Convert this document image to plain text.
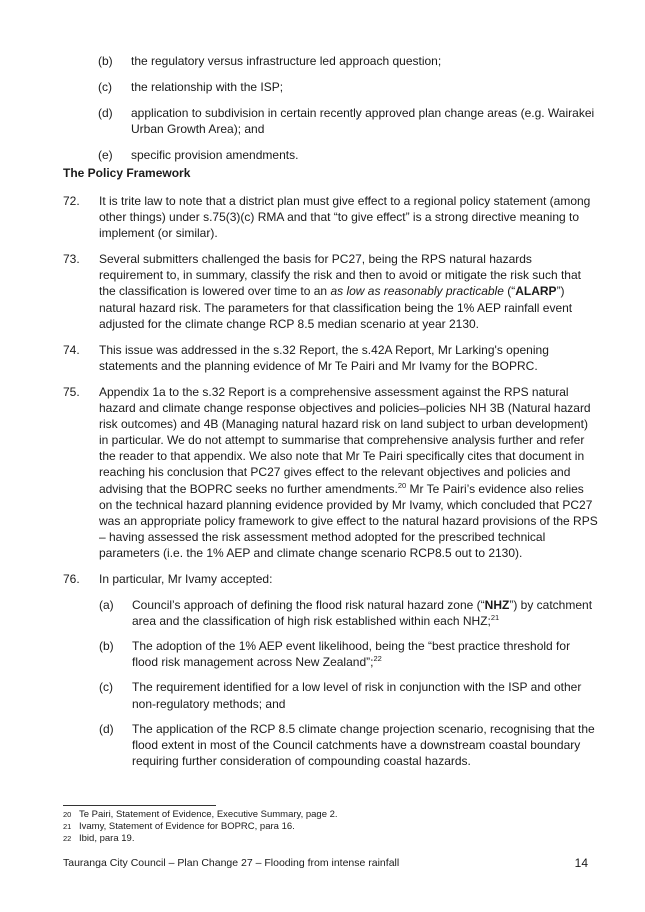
(b)	the regulatory versus infrastructure led approach question;
(c)	the relationship with the ISP;
(d)	application to subdivision in certain recently approved plan change areas (e.g. Wairakei Urban Growth Area); and
(e)	specific provision amendments.
The Policy Framework
72.	It is trite law to note that a district plan must give effect to a regional policy statement (among other things) under s.75(3)(c) RMA and that “to give effect” is a strong directive meaning to implement (or similar).
73.	Several submitters challenged the basis for PC27, being the RPS natural hazards requirement to, in summary, classify the risk and then to avoid or mitigate the risk such that the classification is lowered over time to an as low as reasonably practicable (“ALARP”) natural hazard risk. The parameters for that classification being the 1% AEP rainfall event adjusted for the climate change RCP 8.5 median scenario at year 2130.
74.	This issue was addressed in the s.32 Report, the s.42A Report, Mr Larking's opening statements and the planning evidence of Mr Te Pairi and Mr Ivamy for the BOPRC.
75.	Appendix 1a to the s.32 Report is a comprehensive assessment against the RPS natural hazard and climate change response objectives and policies–policies NH 3B (Natural hazard risk outcomes) and 4B (Managing natural hazard risk on land subject to urban development) in particular. We do not attempt to summarise that comprehensive analysis further and refer the reader to that appendix. We also note that Mr Te Pairi specifically cites that document in reaching his conclusion that PC27 gives effect to the relevant objectives and policies and advising that the BOPRC seeks no further amendments.$^{20}$ Mr Te Pairi’s evidence also relies on the technical hazard planning evidence provided by Mr Ivamy, which concluded that PC27 was an appropriate policy framework to give effect to the natural hazard provisions of the RPS – having assessed the risk assessment method adopted for the prescribed technical parameters (i.e. the 1% AEP and climate change scenario RCP8.5 out to 2130).
76.	In particular, Mr Ivamy accepted:
(a)	Council’s approach of defining the flood risk natural hazard zone (“NHZ”) by catchment area and the classification of high risk established within each NHZ;$^{21}$
(b)	The adoption of the 1% AEP event likelihood, being the “best practice threshold for flood risk management across New Zealand”;$^{22}$
(c)	The requirement identified for a low level of risk in conjunction with the ISP and other non-regulatory methods; and
(d)	The application of the RCP 8.5 climate change projection scenario, recognising that the flood extent in most of the Council catchments have a downstream coastal boundary requiring further consideration of compounding coastal hazards.
20 Te Pairi, Statement of Evidence, Executive Summary, page 2.
21 Ivamy, Statement of Evidence for BOPRC, para 16.
22 Ibid, para 19.
Tauranga City Council – Plan Change 27 – Flooding from intense rainfall	14
